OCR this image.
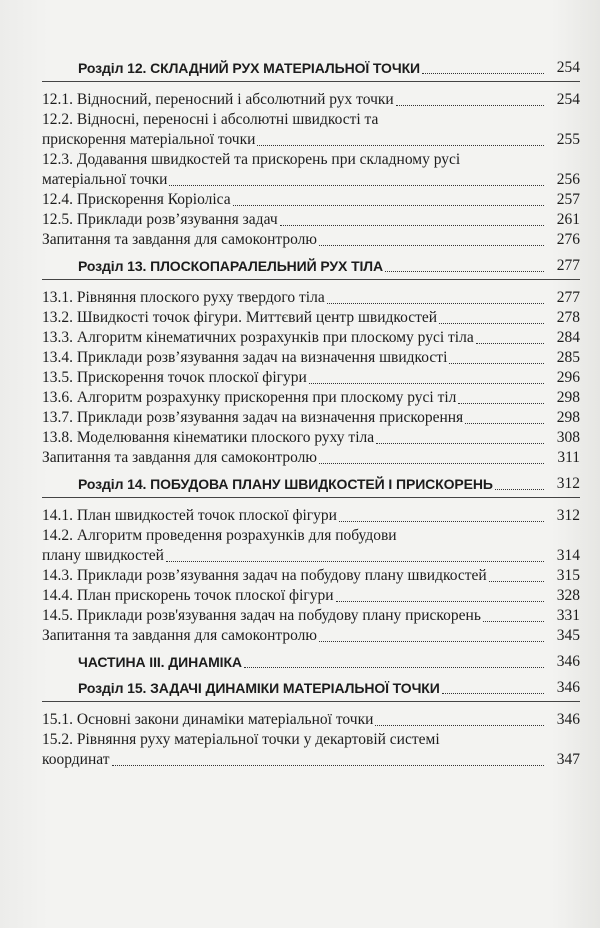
Розділ 12. СКЛАДНИЙ РУХ МАТЕРІАЛЬНОЇ ТОЧКИ	254
12.1. Відносний, переносний і абсолютний рух точки	254
12.2. Відносні, переносні і абсолютні швидкості та
прискорення матеріальної точки	255
12.3. Додавання швидкостей та прискорень при складному русі
матеріальної точки	256
12.4. Прискорення Коріоліса	257
12.5. Приклади розв’язування задач	261
Запитання та завдання для самоконтролю	276
Розділ 13. ПЛОСКОПАРАЛЕЛЬНИЙ РУХ ТІЛА	277
13.1. Рівняння плоского руху твердого тіла	277
13.2. Швидкості точок фігури. Миттєвий центр швидкостей	278
13.3. Алгоритм кінематичних розрахунків при плоскому русі тіла	284
13.4. Приклади розв’язування задач на визначення швидкості	285
13.5. Прискорення точок плоскої фігури	296
13.6. Алгоритм розрахунку прискорення при плоскому русі тіл	298
13.7. Приклади розв’язування задач на визначення прискорення	298
13.8. Моделювання кінематики плоского руху тіла	308
Запитання та завдання для самоконтролю	311
Розділ 14. ПОБУДОВА ПЛАНУ ШВИДКОСТЕЙ І ПРИСКОРЕНЬ	312
14.1. План швидкостей точок плоскої фігури	312
14.2. Алгоритм проведення розрахунків для побудови
плану швидкостей	314
14.3. Приклади розв’язування задач на побудову плану швидкостей	315
14.4. План прискорень точок плоскої фігури	328
14.5. Приклади розв'язування задач на побудову плану прискорень	331
Запитання та завдання для самоконтролю	345
ЧАСТИНА ІІІ. ДИНАМІКА	346
Розділ 15. ЗАДАЧІ ДИНАМІКИ МАТЕРІАЛЬНОЇ ТОЧКИ	346
15.1. Основні закони динаміки матеріальної точки	346
15.2. Рівняння руху матеріальної точки у декартовій системі
координат	347
